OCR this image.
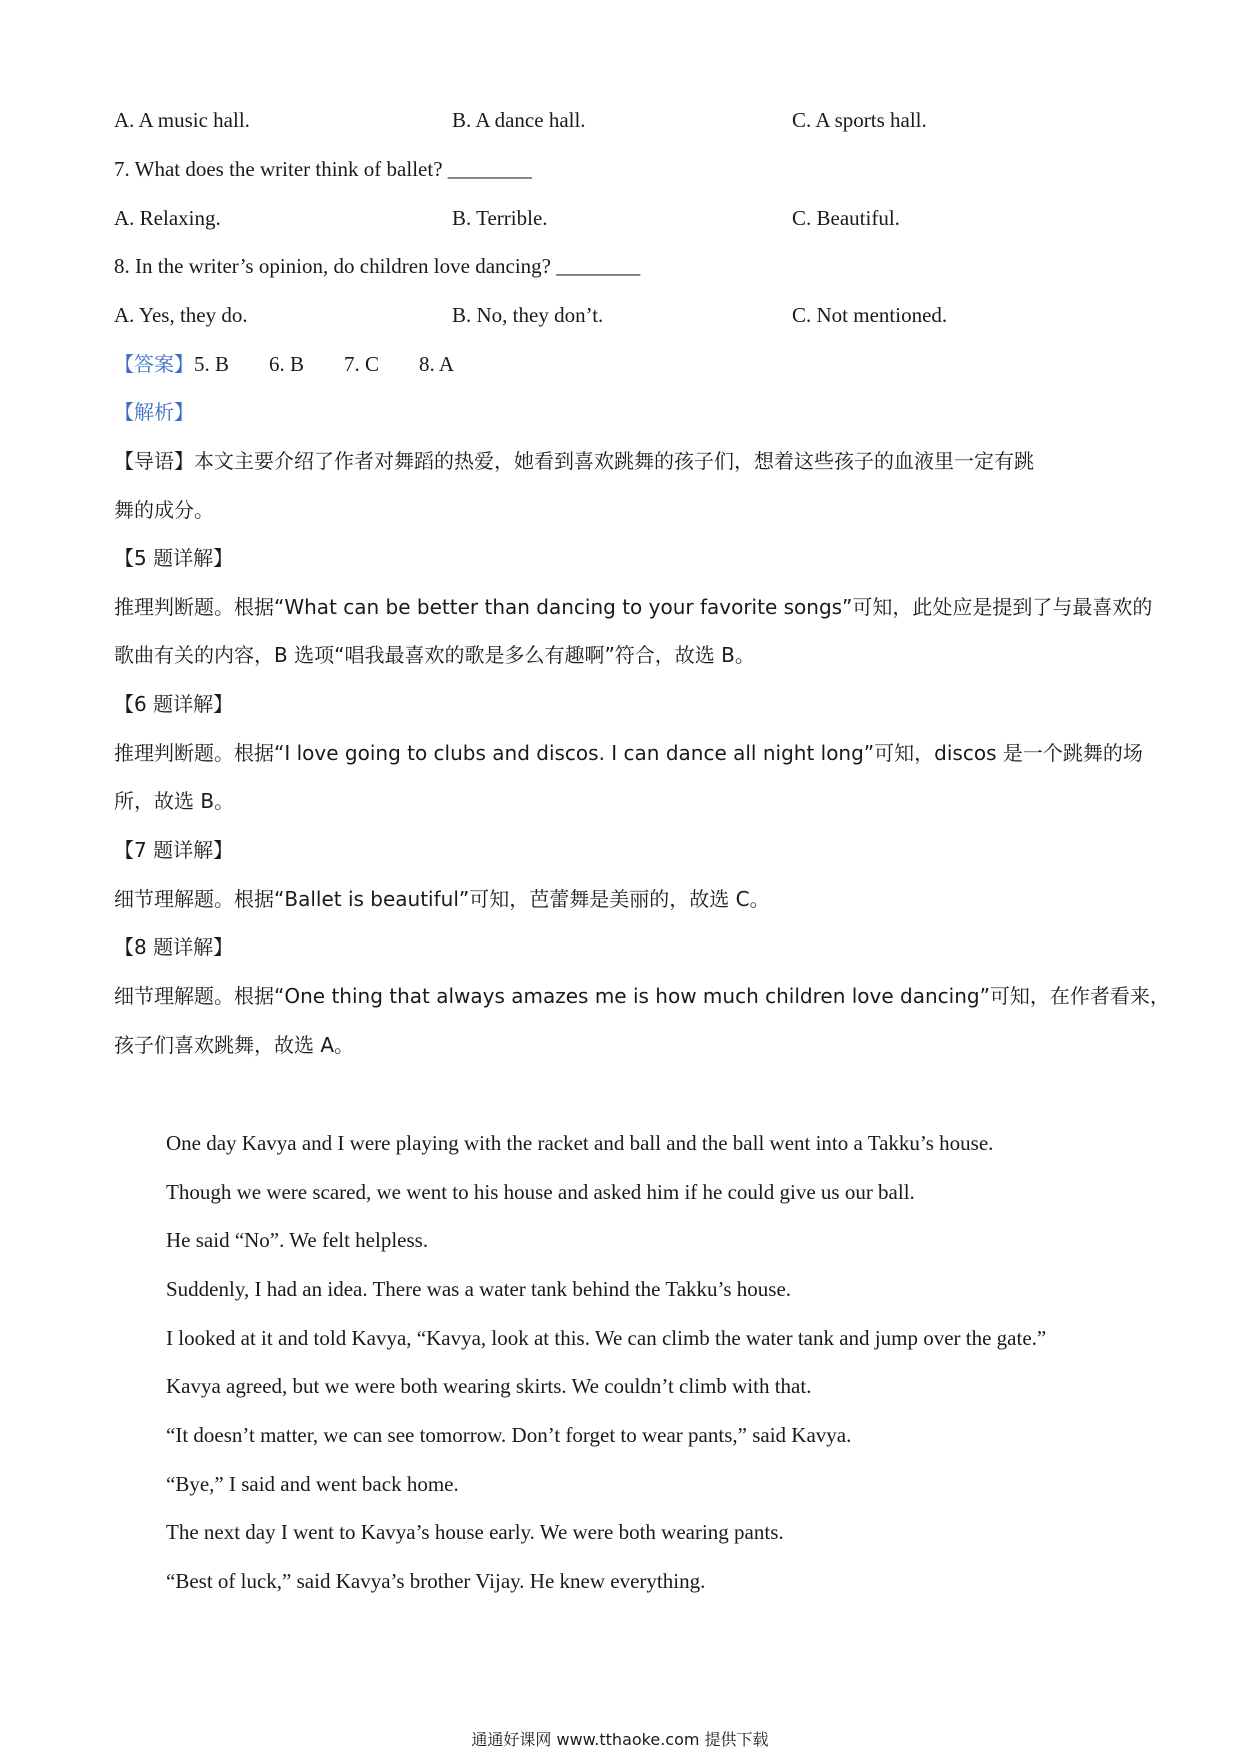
A. A music hall.	B. A dance hall.	C. A sports hall.
7. What does the writer think of ballet? ________
A. Relaxing.	B. Terrible.	C. Beautiful.
8. In the writer’s opinion, do children love dancing? ________
A. Yes, they do.	B. No, they don’t.	C. Not mentioned.
【答案】5. B 6. B 7. C 8. A
【解析】
【导语】本文主要介绍了作者对舞蹈的热爱，她看到喜欢跳舞的孩子们，想着这些孩子的血液里一定有跳
舞的成分。
【5 题详解】
推理判断题。根据“What can be better than dancing to your favorite songs”可知，此处应是提到了与最喜欢的
歌曲有关的内容，B 选项“唱我最喜欢的歌是多么有趣啊”符合，故选 B。
【6 题详解】
推理判断题。根据“I love going to clubs and discos. I can dance all night long”可知，discos 是一个跳舞的场
所，故选 B。
【7 题详解】
细节理解题。根据“Ballet is beautiful”可知，芭蕾舞是美丽的，故选 C。
【8 题详解】
细节理解题。根据“One thing that always amazes me is how much children love dancing”可知，在作者看来，
孩子们喜欢跳舞，故选 A。
One day Kavya and I were playing with the racket and ball and the ball went into a Takku’s house.
Though we were scared, we went to his house and asked him if he could give us our ball.
He said “No”. We felt helpless.
Suddenly, I had an idea. There was a water tank behind the Takku’s house.
I looked at it and told Kavya, “Kavya, look at this. We can climb the water tank and jump over the gate.”
Kavya agreed, but we were both wearing skirts. We couldn’t climb with that.
“It doesn’t matter, we can see tomorrow. Don’t forget to wear pants,” said Kavya.
“Bye,” I said and went back home.
The next day I went to Kavya’s house early. We were both wearing pants.
“Best of luck,” said Kavya’s brother Vijay. He knew everything.
通通好课网 www.tthaoke.com 提供下载
